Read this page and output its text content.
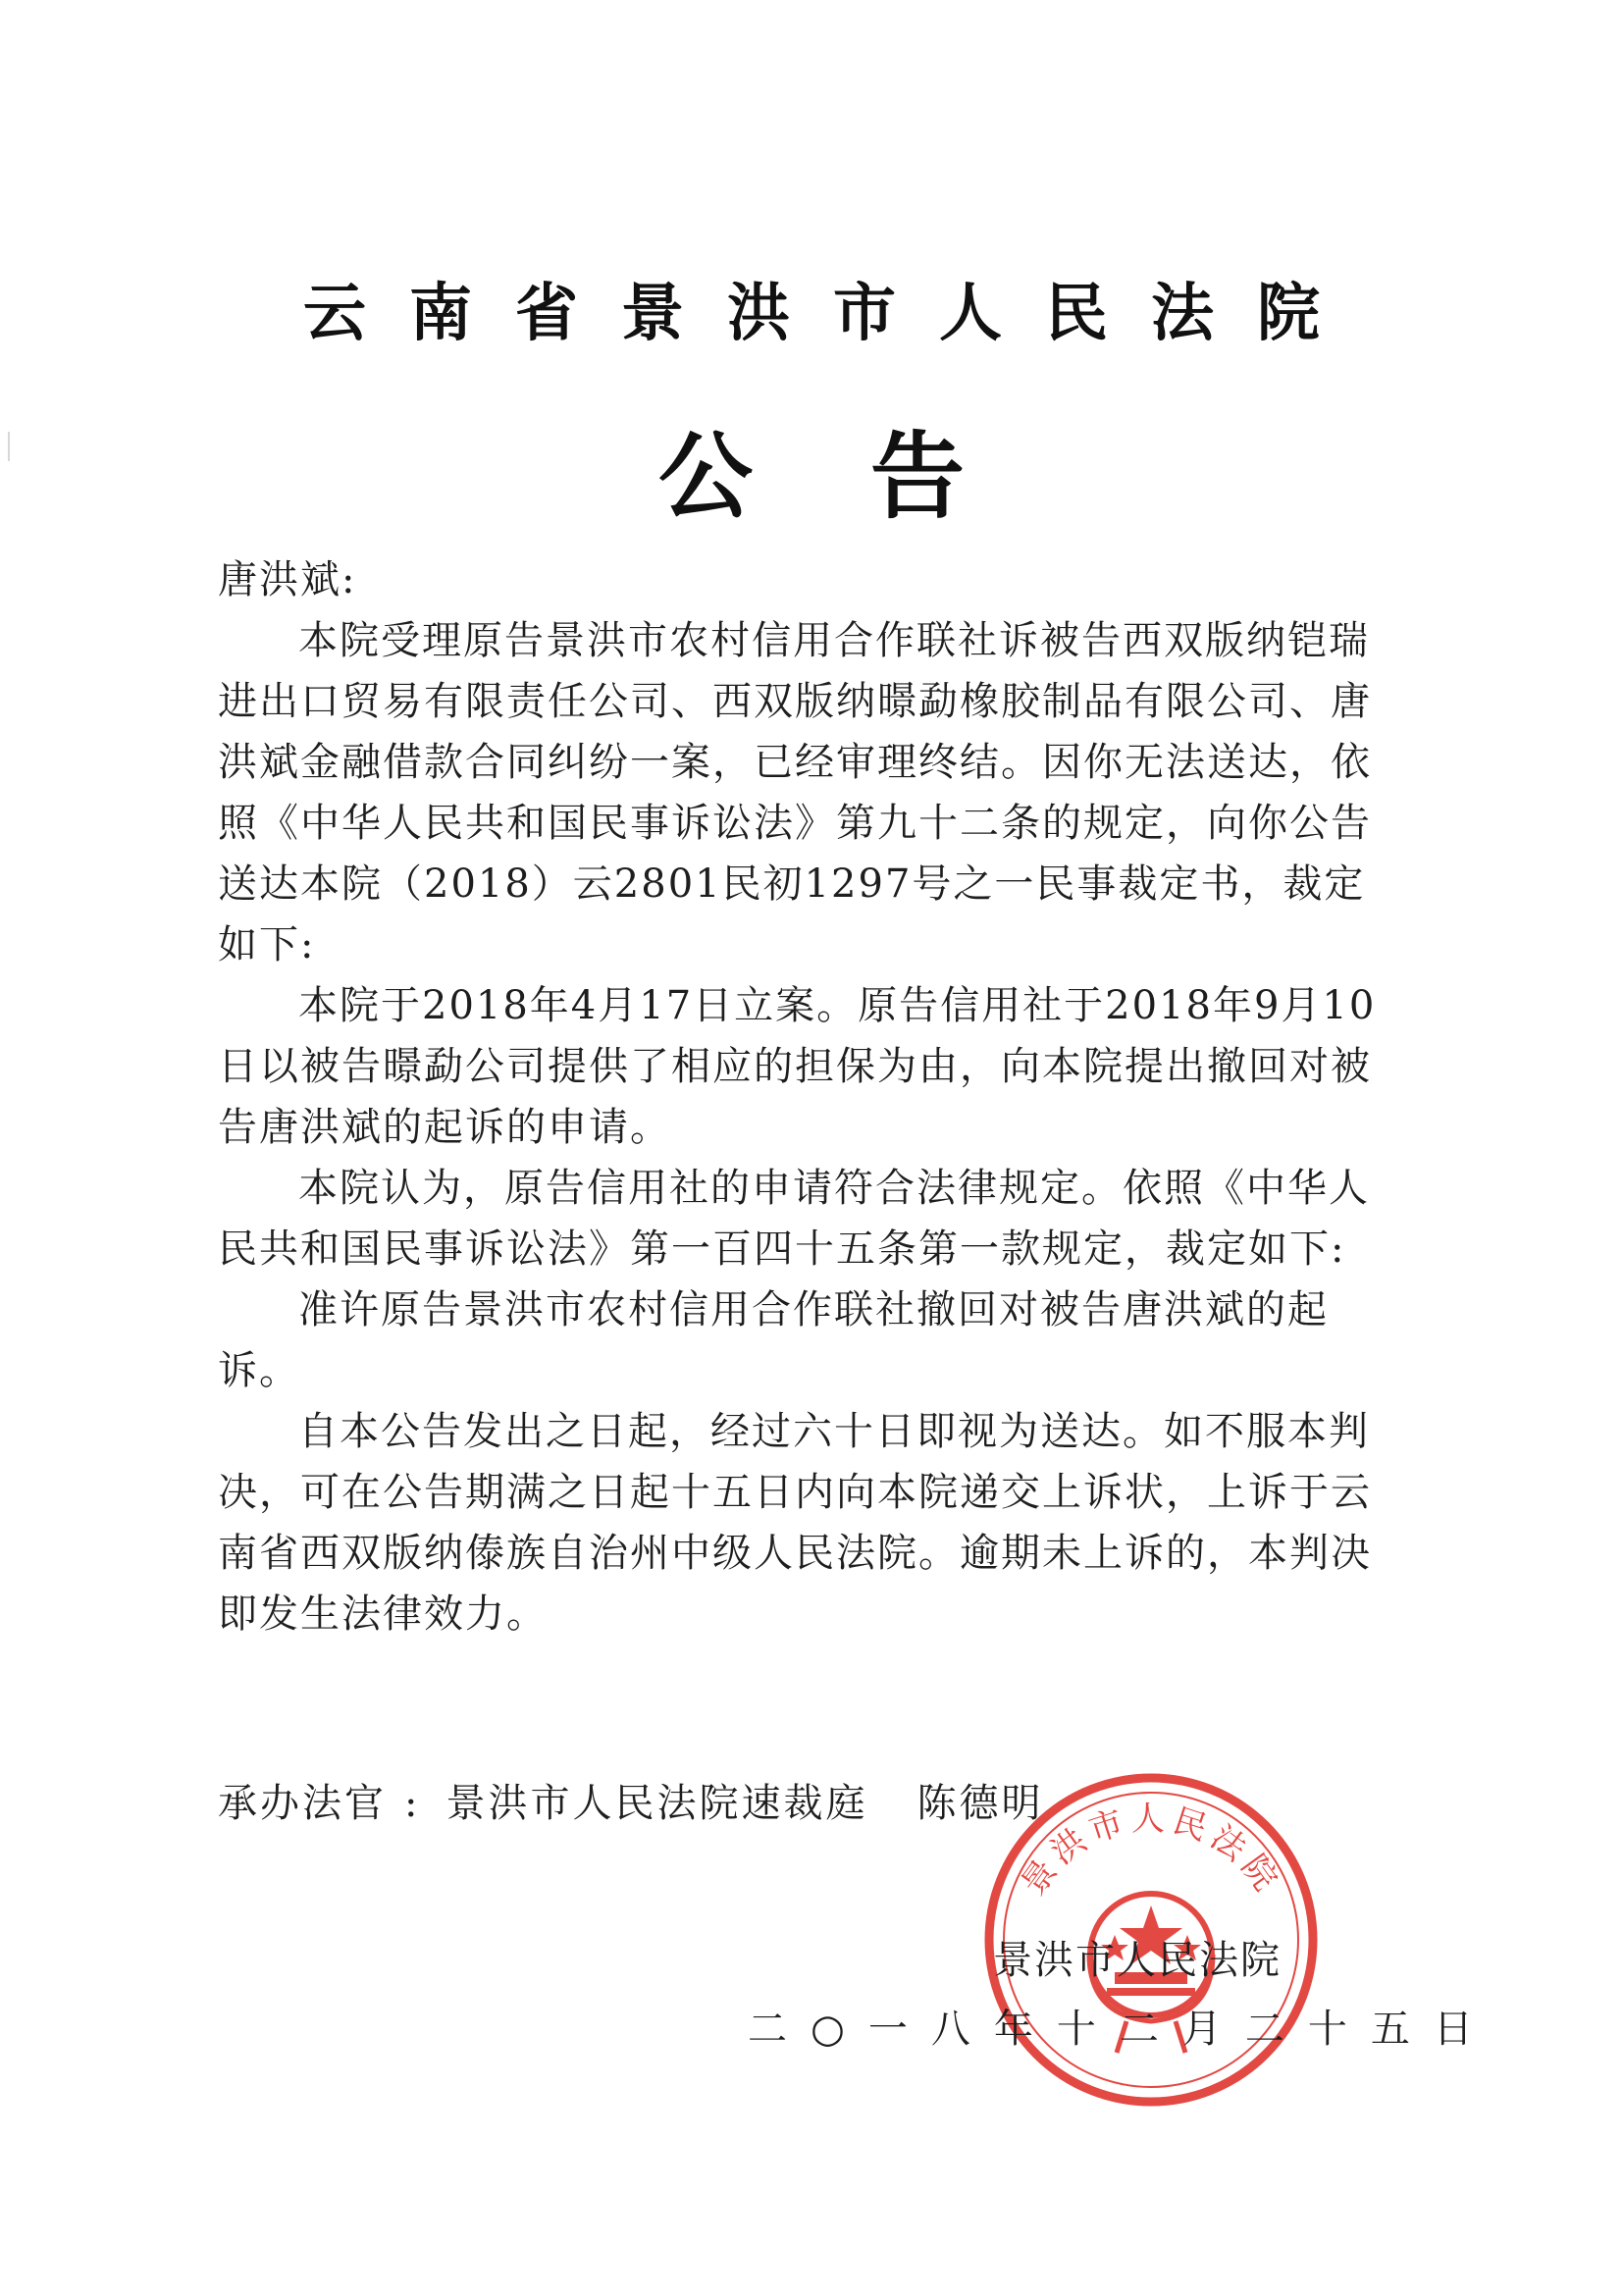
云南省景洪市人民法院
公告

唐洪斌:

本院受理原告景洪市农村信用合作联社诉被告西双版纳铠瑞进出口贸易有限责任公司、西双版纳暻勐橡胶制品有限公司、唐洪斌金融借款合同纠纷一案，已经审理终结。因你无法送达，依照《中华人民共和国民事诉讼法》第九十二条的规定，向你公告送达本院（2018）云2801民初1297号之一民事裁定书，裁定如下:

本院于2018年4月17日立案。原告信用社于2018年9月10日以被告暻勐公司提供了相应的担保为由，向本院提出撤回对被告唐洪斌的起诉的申请。

本院认为，原告信用社的申请符合法律规定。依照《中华人民共和国民事诉讼法》第一百四十五条第一款规定，裁定如下:

准许原告景洪市农村信用合作联社撤回对被告唐洪斌的起诉。

自本公告发出之日起，经过六十日即视为送达。如不服本判决，可在公告期满之日起十五日内向本院递交上诉状，上诉于云南省西双版纳傣族自治州中级人民法院。逾期未上诉的，本判决即发生法律效力。

景洪市人民法院
承办法官 : 景洪市人民法院速裁庭 陈德明
景洪市人民法院
二○一八年十二月二十五日
